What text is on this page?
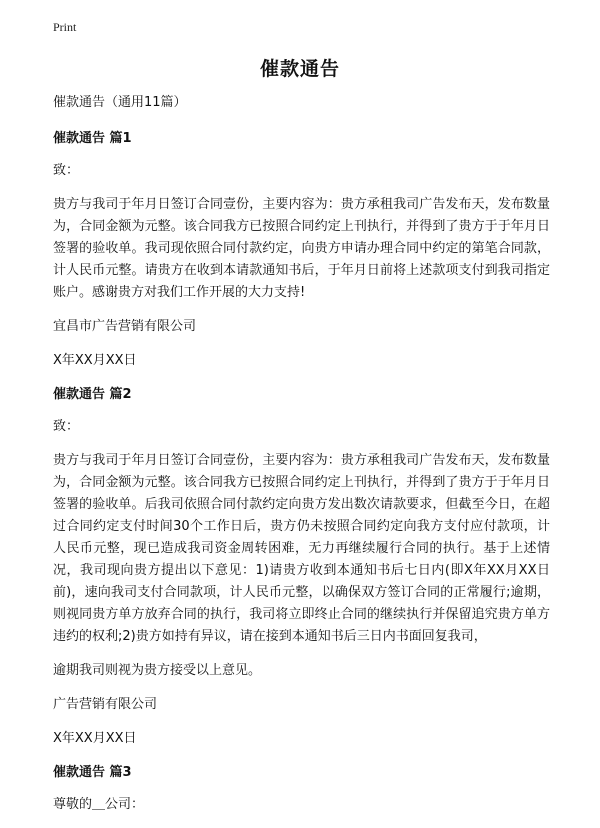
Print
催款通告

催款通告（通用11篇）

催款通告 篇1

致：

贵方与我司于年月日签订合同壹份，主要内容为：贵方承租我司广告发布天，发布数量为，合同金额为元整。该合同我方已按照合同约定上刊执行，并得到了贵方于于年月日签署的验收单。我司现依照合同付款约定，向贵方申请办理合同中约定的第笔合同款，计人民币元整。请贵方在收到本请款通知书后，于年月日前将上述款项支付到我司指定账户。感谢贵方对我们工作开展的大力支持!

宜昌市广告营销有限公司

X年XX月XX日

催款通告 篇2

致：

贵方与我司于年月日签订合同壹份，主要内容为：贵方承租我司广告发布天，发布数量为，合同金额为元整。该合同我方已按照合同约定上刊执行，并得到了贵方于于年月日签署的验收单。后我司依照合同付款约定向贵方发出数次请款要求，但截至今日，在超过合同约定支付时间30个工作日后，贵方仍未按照合同约定向我方支付应付款项，计人民币元整，现已造成我司资金周转困难，无力再继续履行合同的执行。基于上述情况，我司现向贵方提出以下意见：1)请贵方收到本通知书后七日内(即X年XX月XX日前)，速向我司支付合同款项，计人民币元整，以确保双方签订合同的正常履行;逾期，则视同贵方单方放弃合同的执行，我司将立即终止合同的继续执行并保留追究贵方单方违约的权利;2)贵方如持有异议，请在接到本通知书后三日内书面回复我司，

逾期我司则视为贵方接受以上意见。

广告营销有限公司

X年XX月XX日

催款通告 篇3

尊敬的＿公司：
